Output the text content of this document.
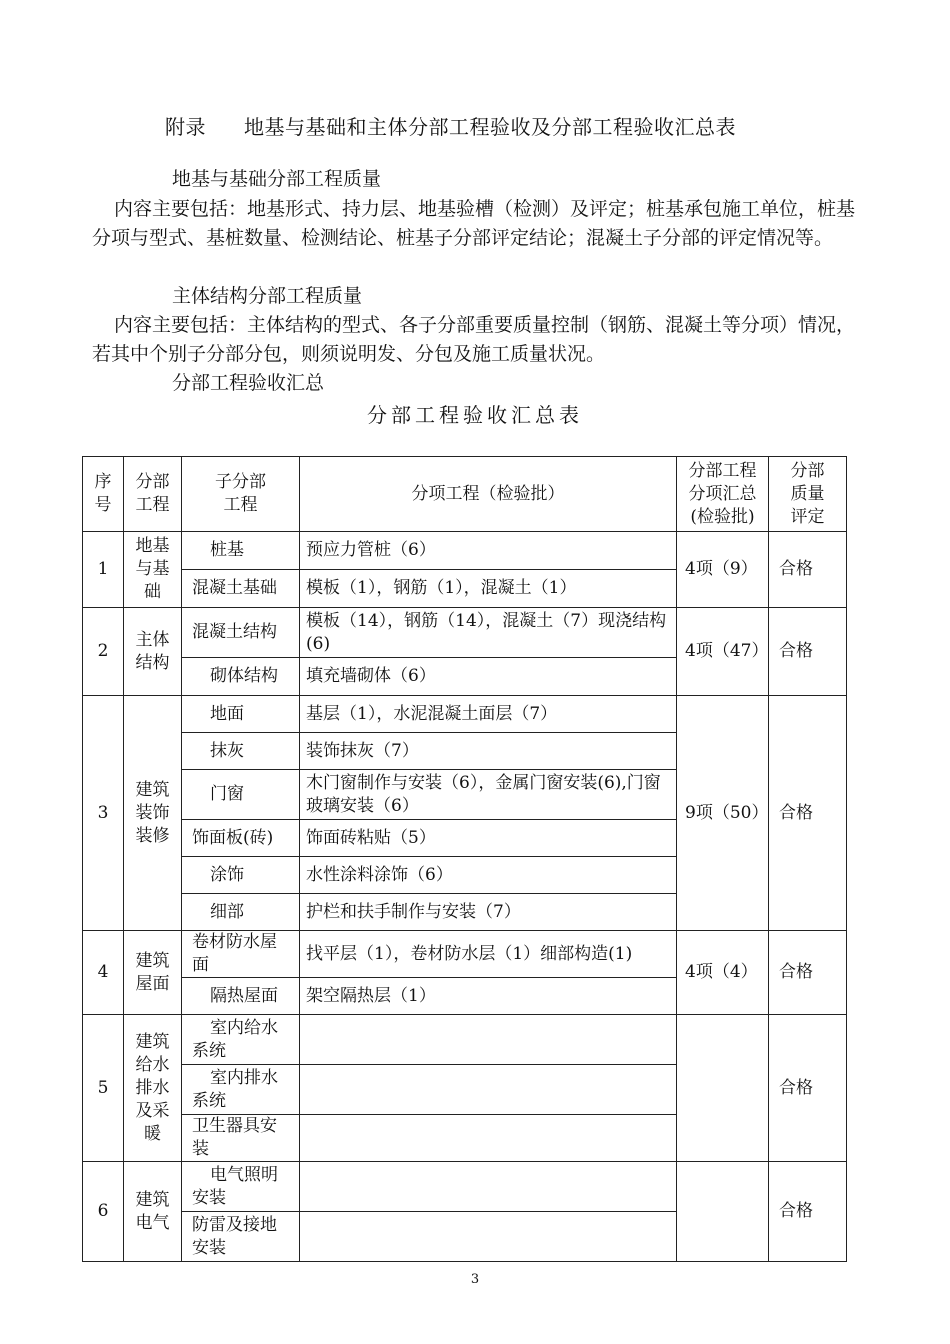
附录 地基与基础和主体分部工程验收及分部工程验收汇总表
地基与基础分部工程质量
内容主要包括：地基形式、持力层、地基验槽（检测）及评定；桩基承包施工单位，桩基分项与型式、基桩数量、检测结论、桩基子分部评定结论；混凝土子分部的评定情况等。
主体结构分部工程质量
内容主要包括：主体结构的型式、各子分部重要质量控制（钢筋、混凝土等分项）情况，若其中个别子分部分包，则须说明发、分包及施工质量状况。
分部工程验收汇总
分部工程验收汇总表
序号	分部工程	子分部工程	分项工程（检验批）	分部工程分项汇总(检验批)	分部质量评定
1	地基与基础	桩基	预应力管桩（6）	4项（9）	合格
		混凝土基础	模板（1），钢筋（1），混凝土（1）		
2	主体结构	混凝土结构	模板（14），钢筋（14），混凝土（7）现浇结构(6)	4项（47）	合格
		砌体结构	填充墙砌体（6）		
3	建筑装饰装修	地面	基层（1），水泥混凝土面层（7）	9项（50）	合格
		抹灰	装饰抹灰（7）		
		门窗	木门窗制作与安装（6），金属门窗安装(6),门窗玻璃安装（6）		
		饰面板(砖)	饰面砖粘贴（5）		
		涂饰	水性涂料涂饰（6）		
		细部	护栏和扶手制作与安装（7）		
4	建筑屋面	卷材防水屋面	找平层（1），卷材防水层（1）细部构造(1)	4项（4）	合格
		隔热屋面	架空隔热层（1）		
5	建筑给水排水及采暖	室内给水系统			合格
		室内排水系统			
		卫生器具安装			
6	建筑电气	电气照明安装			合格
		防雷及接地安装			
3
